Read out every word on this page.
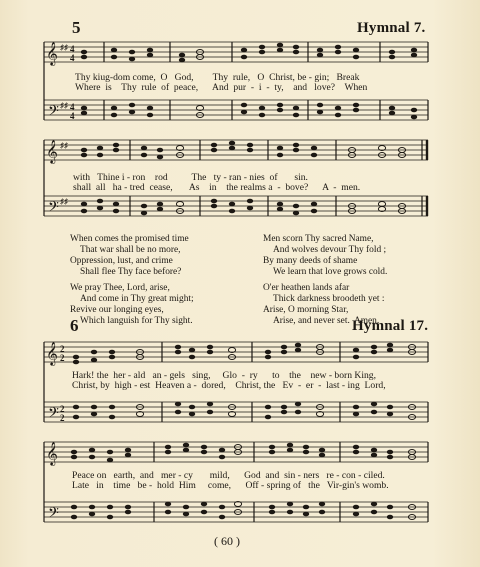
5	Hymnal 7.
𝄞
𝄢
♯♯
♯♯
4
4
4
4
Thy kiug-dom come,  O   God,        Thy  rule,   O  Christ, be - gin;   Break
Where  is    Thy  rule  of  peace,      And  pur  -  i  -  ty,    and   love?    When
𝄞
𝄢
♯♯
♯♯
with   Thine i - ron    rod          The   ty - ran - nies  of       sin.
shall  all   ha - tred  cease,       As    in    the realms a  -  bove?      A  -  men.
When comes the promised time
That war shall be no more,
Oppression, lust, and crime
Shall flee Thy face before?
We pray Thee, Lord, arise,
And come in Thy great might;
Revive our longing eyes,
Which languish for Thy sight.
Men scorn Thy sacred Name,
And wolves devour Thy fold ;
By many deeds of shame
We learn that love grows cold.
O'er heathen lands afar
Thick darkness broodeth yet :
Arise, O morning Star,
Arise, and never set.  Amen.
6	Hymnal 17.
𝄞
𝄢
2
2
2
2
Hark! the  her - ald   an - gels   sing,     Glo  -  ry      to    the    new - born King,
Christ, by  high - est  Heaven a -  dored,    Christ, the   Ev  -  er  -  last - ing  Lord,
𝄞
𝄢
Peace on   earth,  and   mer - cy       mild,      God  and  sin - ners   re - con - ciled.
Late   in    time   be -  hold  Him     come,      Off - spring of   the   Vir-gin's womb.
( 60 )
